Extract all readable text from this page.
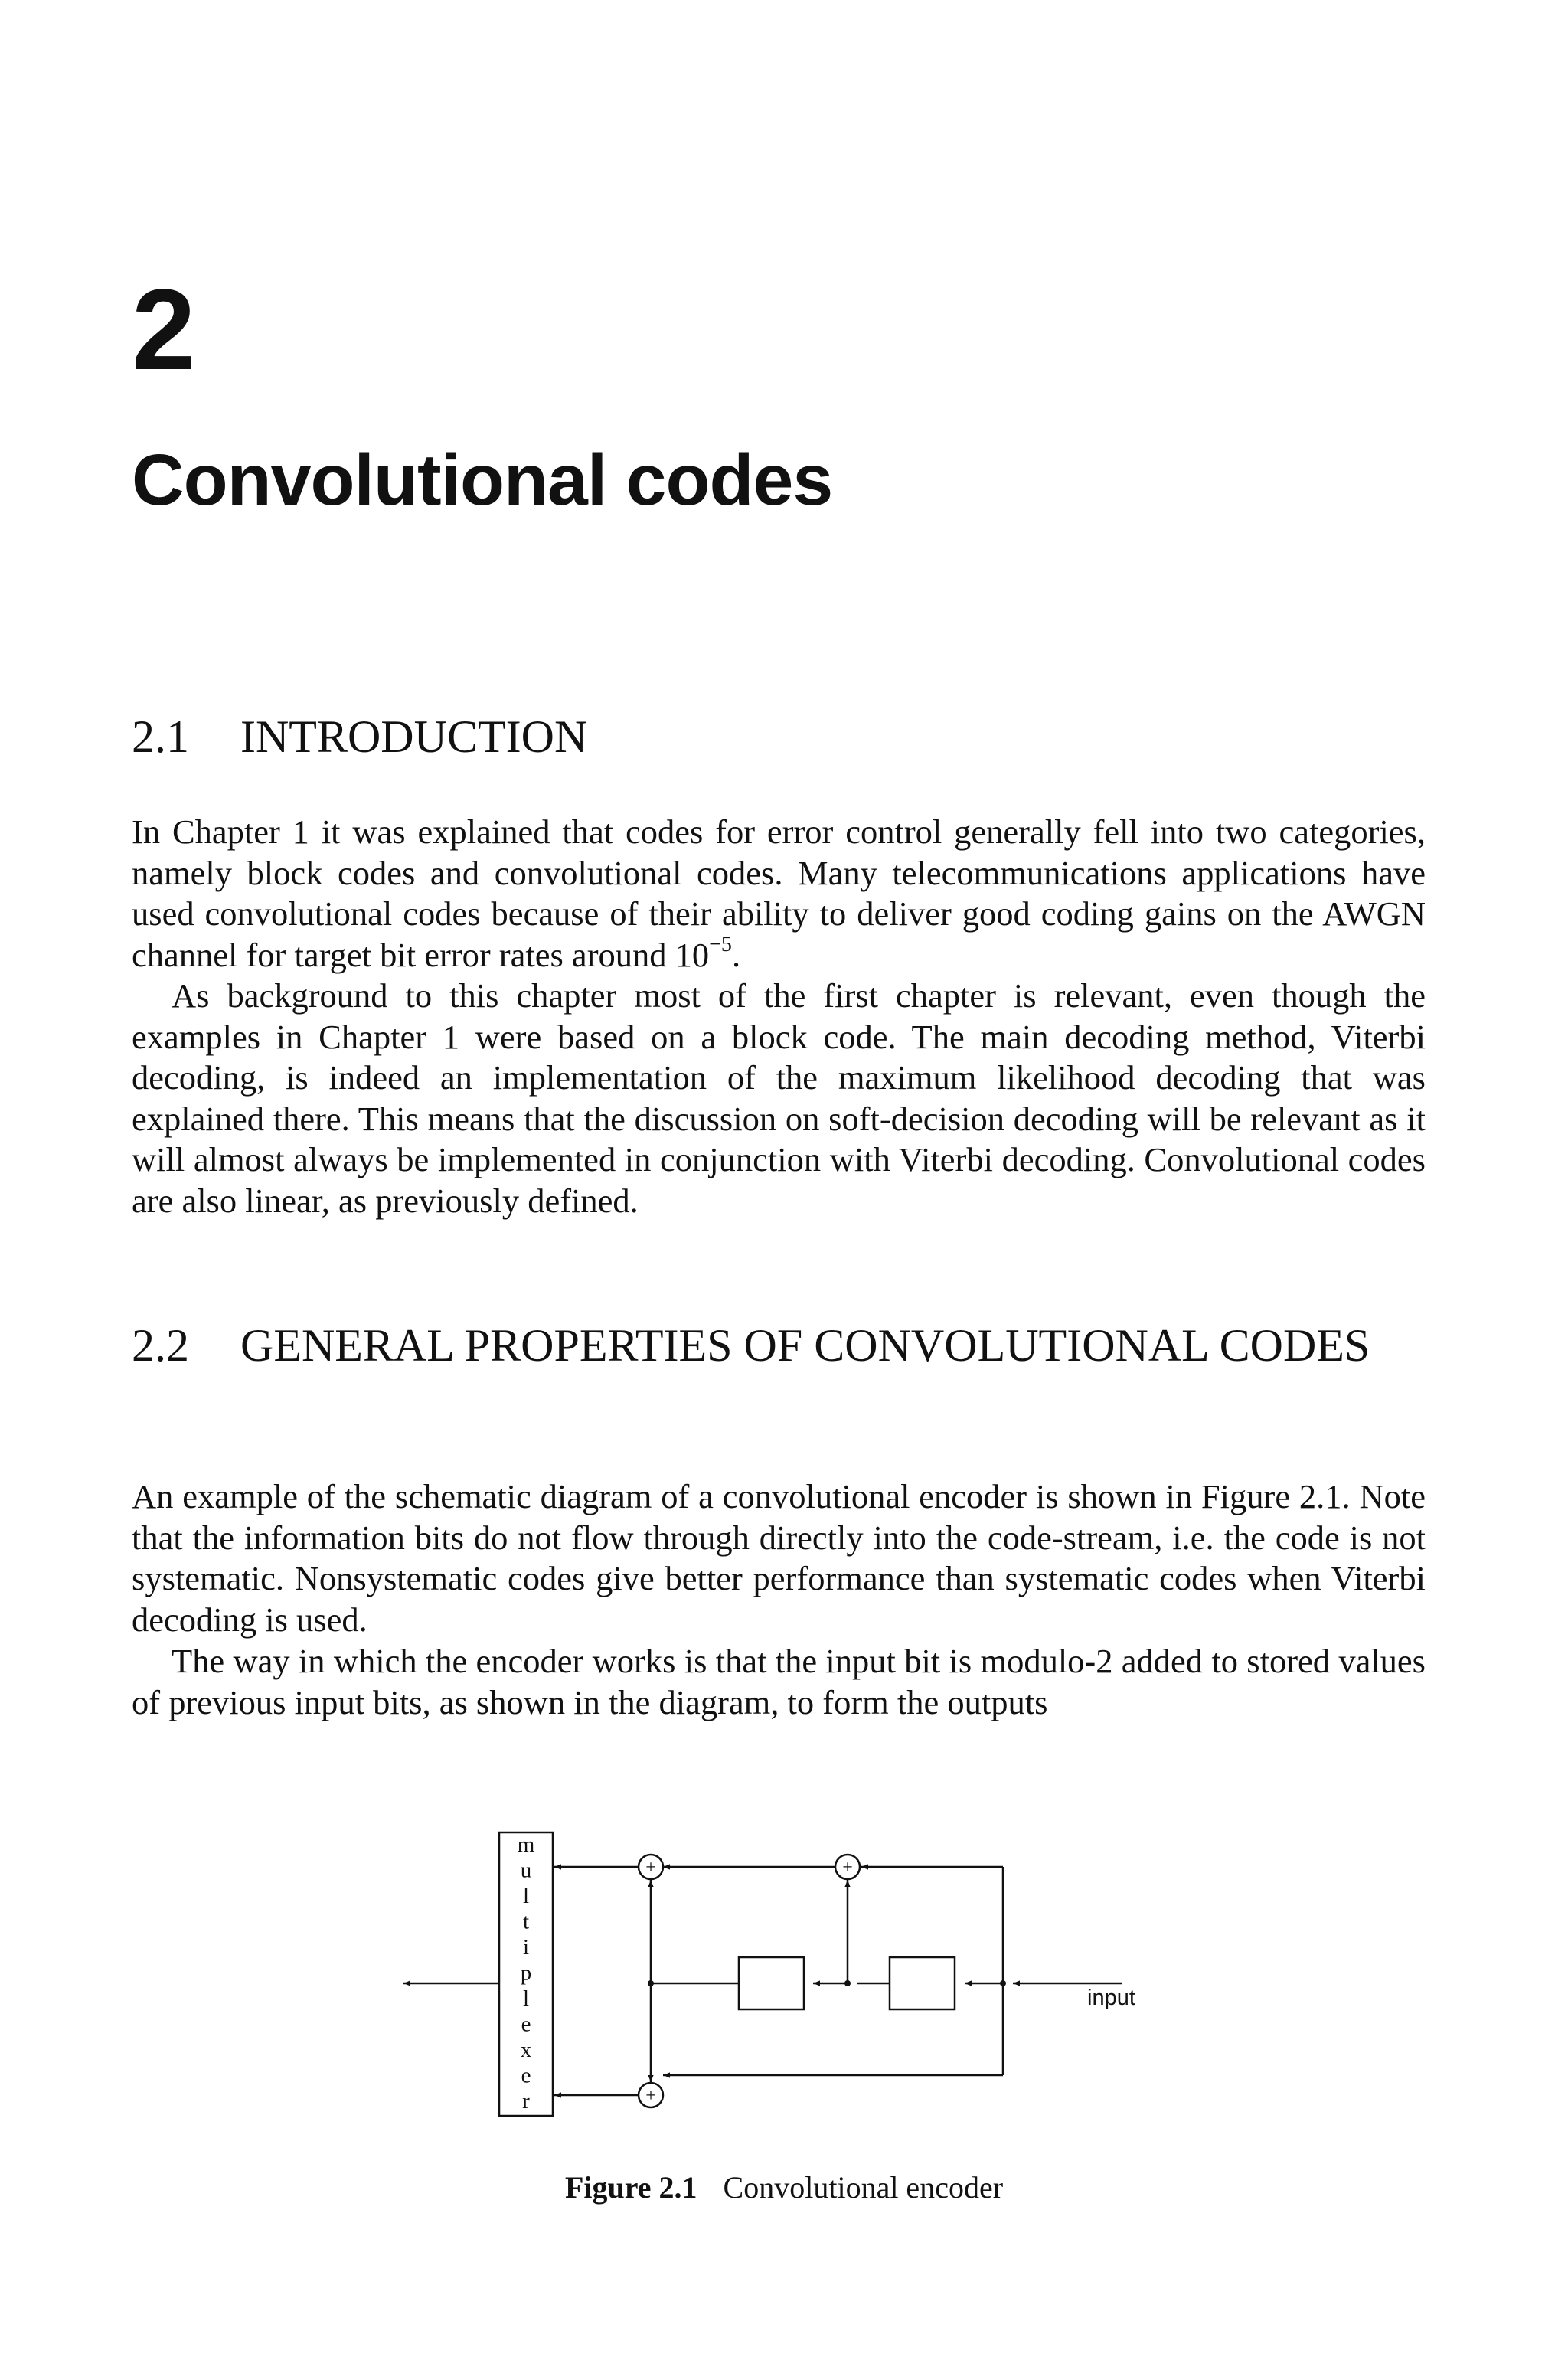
2
Convolutional codes
2.1 INTRODUCTION

In Chapter 1 it was explained that codes for error control generally fell into two categories, namely block codes and convolutional codes. Many telecommunications applications have used convolutional codes because of their ability to deliver good coding gains on the AWGN channel for target bit error rates around $10^{-5}$.

As background to this chapter most of the first chapter is relevant, even though the examples in Chapter 1 were based on a block code. The main decoding method, Viterbi decoding, is indeed an implementation of the maximum likelihood decoding that was explained there. This means that the discussion on soft-decision decoding will be relevant as it will almost always be implemented in conjunction with Viterbi decoding. Convolutional codes are also linear, as previously defined.

2.2 GENERAL PROPERTIES OF CONVOLUTIONAL CODES

An example of the schematic diagram of a convolutional encoder is shown in Figure 2.1. Note that the information bits do not flow through directly into the code-stream, i.e. the code is not systematic. Nonsystematic codes give better performance than systematic codes when Viterbi decoding is used.

The way in which the encoder works is that the input bit is modulo-2 added to stored values of previous input bits, as shown in the diagram, to form the outputs

+	+
+
m
u
l
t
i
p
l
e
x
e
r
input
Figure 2.1 Convolutional encoder
